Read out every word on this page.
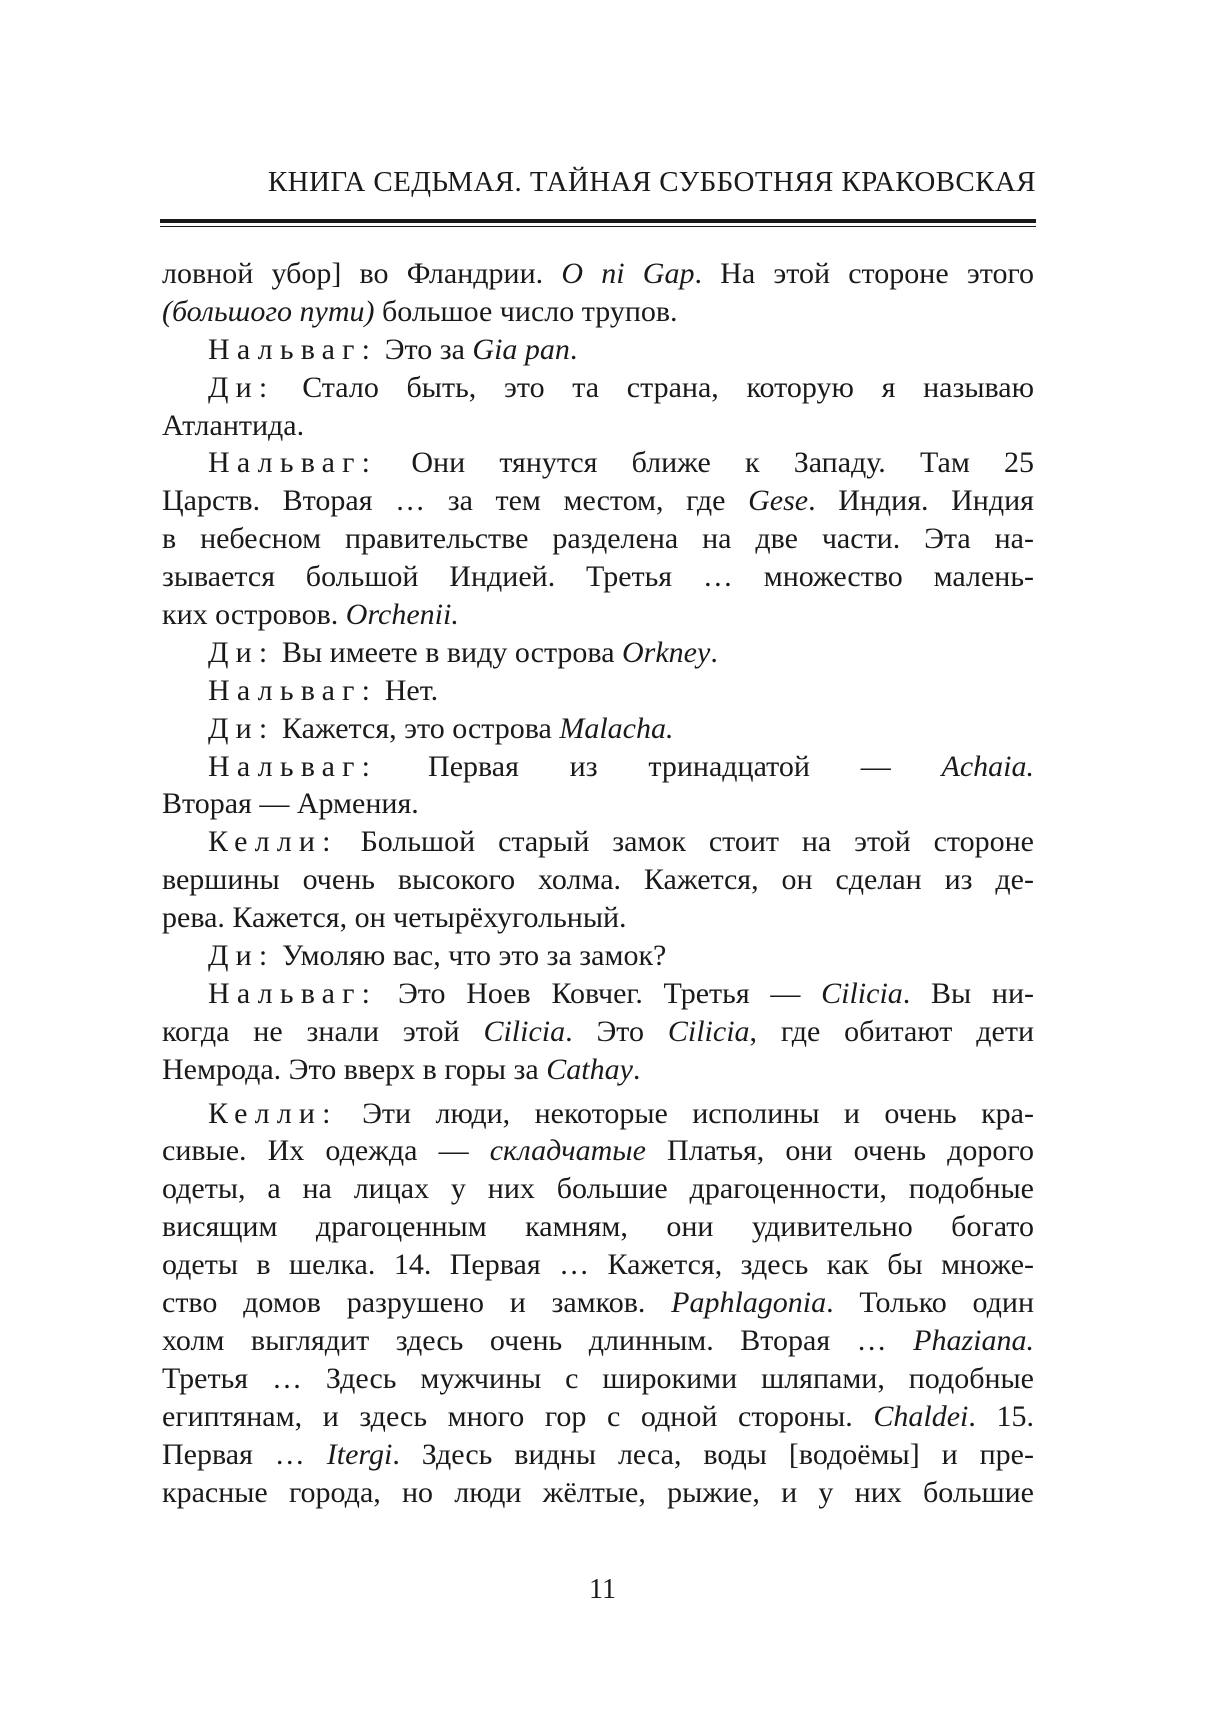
КНИГА СЕДЬМАЯ. ТАЙНАЯ СУББОТНЯЯ КРАКОВСКАЯ
ловной убор] во Фландрии. O ni Gap. На этой стороне этого
(большого пути) большое число трупов.
Нальваг: Это за Gia pan.
Ди: Стало быть, это та страна, которую я называю
Атлантида.
Нальваг: Они тянутся ближе к Западу. Там 25
Царств. Вторая … за тем местом, где Gese. Индия. Индия
в небесном правительстве разделена на две части. Эта на-
зывается большой Индией. Третья … множество малень-
ких островов. Orchenii.
Ди: Вы имеете в виду острова Orkney.
Нальваг: Нет.
Ди: Кажется, это острова Malacha.
Нальваг: Первая из тринадцатой — Achaia.
Вторая — Армения.
Келли: Большой старый замок стоит на этой стороне
вершины очень высокого холма. Кажется, он сделан из де-
рева. Кажется, он четырёхугольный.
Ди: Умоляю вас, что это за замок?
Нальваг: Это Ноев Ковчег. Третья — Cilicia. Вы ни-
когда не знали этой Cilicia. Это Cilicia, где обитают дети
Немрода. Это вверх в горы за Cathay.
Келли: Эти люди, некоторые исполины и очень кра-
сивые. Их одежда — складчатые Платья, они очень дорого
одеты, а на лицах у них большие драгоценности, подобные
висящим драгоценным камням, они удивительно богато
одеты в шелка. 14. Первая … Кажется, здесь как бы множе-
ство домов разрушено и замков. Paphlagonia. Только один
холм выглядит здесь очень длинным. Вторая … Phaziana.
Третья … Здесь мужчины с широкими шляпами, подобные
египтянам, и здесь много гор с одной стороны. Chaldei. 15.
Первая … Itergi. Здесь видны леса, воды [водоёмы] и пре-
красные города, но люди жёлтые, рыжие, и у них большие
11
